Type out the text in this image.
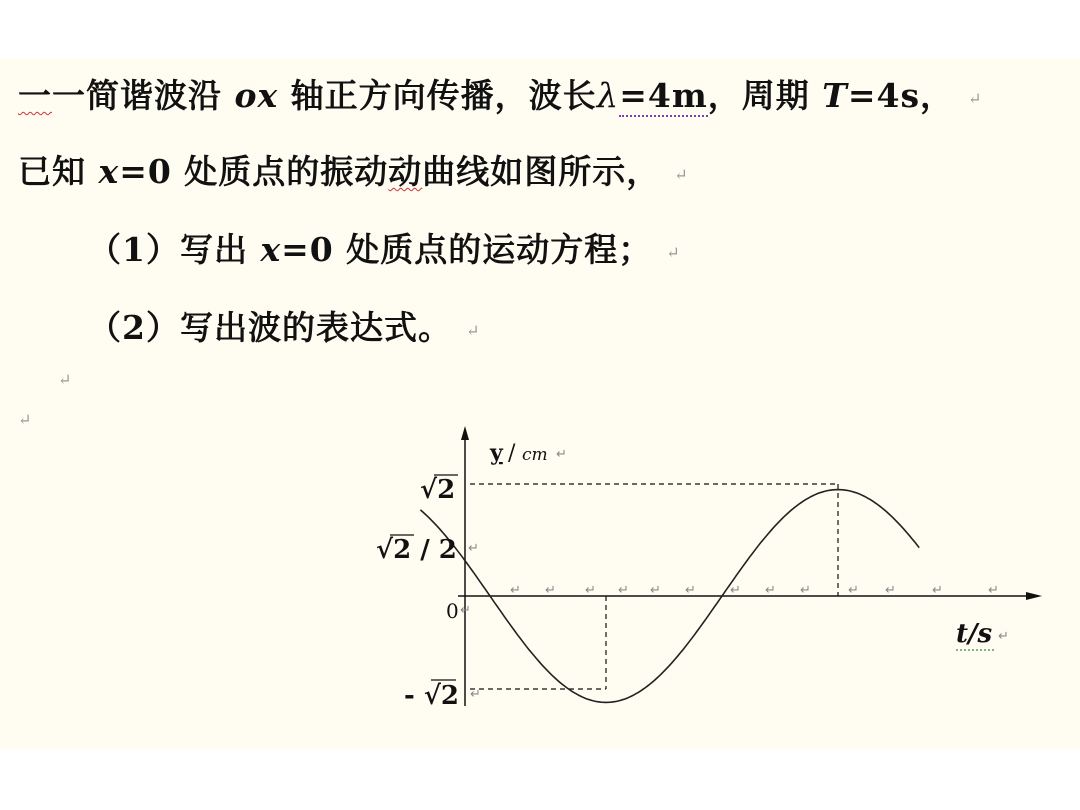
一一简谐波沿 ox 轴正方向传播，波长λ=4m，周期 T=4s， ↵
已知 x=0 处质点的振动动曲线如图所示， ↵
（1）写出 x=0 处质点的运动方程； ↵
（2）写出波的表达式。 ↵
↵
↵
↵ ↵ ↵ ↵ ↵ ↵	↵ ↵ ↵	↵ ↵	↵	↵
↵
↵
↵
√2
√2 / 2
0
- √2
y / cm ↵
t/s ↵
